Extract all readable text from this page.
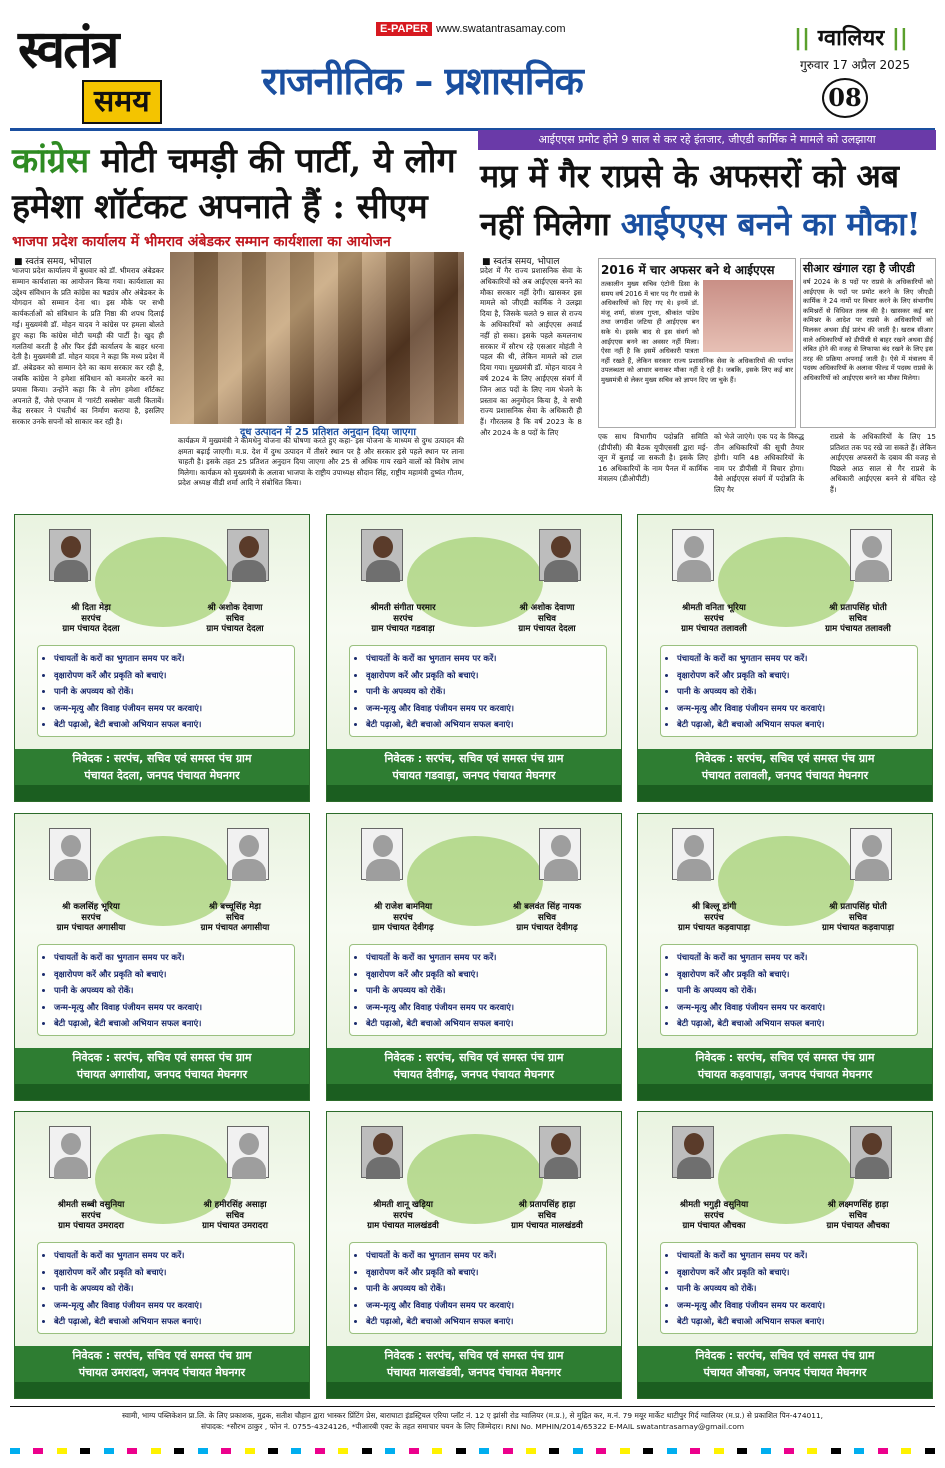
स्वतंत्र
समय
E-PAPER www.swatantrasamay.com
राजनीतिक – प्रशासनिक
|| ग्वालियर ||
गुरुवार 17 अप्रैल 2025
08
कांग्रेस मोटी चमड़ी की पार्टी, ये लोग हमेशा शॉर्टकट अपनाते हैं : सीएम
भाजपा प्रदेश कार्यालय में भीमराव अंबेडकर सम्मान कार्यशाला का आयोजन
■ स्वतंत्र समय, भोपाल
भाजपा प्रदेश कार्यालय में बुधवार को डॉ. भीमराव अंबेडकर सम्मान कार्यशाला का आयोजन किया गया। कार्यशाला का उद्देश्य संविधान के प्रति कांग्रेस का षड्यंत्र और अंबेडकर के योगदान को सम्मान देना था। इस मौके पर सभी कार्यकर्ताओं को संविधान के प्रति निष्ठा की शपथ दिलाई गई। मुख्यमंत्री डॉ. मोहन यादव ने कांग्रेस पर हमला बोलते हुए कहा कि कांग्रेस मोटी चमड़ी की पार्टी है। खुद ही गलतियां करती है और फिर ईडी कार्यालय के बाहर धरना देती है। मुख्यमंत्री डॉ. मोहन यादव ने कहा कि मध्य प्रदेश में डॉ. अंबेडकर को सम्मान देने का काम सरकार कर रही है, जबकि कांग्रेस ने हमेशा संविधान को कमजोर करने का प्रयास किया। उन्होंने कहा कि वे लोग हमेशा शॉर्टकट अपनाते हैं, जैसे एग्जाम में 'गारंटी सक्सेस' वाली किताबें। केंद्र सरकार ने पंचतीर्थ का निर्माण कराया है, इसलिए सरकार उनके सपनों को साकार कर रही है।
दूध उत्पादन में 25 प्रतिशत अनुदान दिया जाएगा
कार्यक्रम में मुख्यमंत्री ने कामधेनु योजना की घोषणा करते हुए कहा- इस योजना के माध्यम से दुग्ध उत्पादन की क्षमता बढ़ाई जाएगी। म.प्र. देश में दुग्ध उत्पादन में तीसरे स्थान पर है और सरकार इसे पहले स्थान पर लाना चाहती है। इसके तहत 25 प्रतिशत अनुदान दिया जाएगा और 25 से अधिक गाय रखने वालों को विशेष लाभ मिलेगा। कार्यक्रम को मुख्यमंत्री के अलावा भाजपा के राष्ट्रीय उपाध्यक्ष सौदान सिंह, राष्ट्रीय महामंत्री दुष्यंत गौतम, प्रदेश अध्यक्ष वीडी शर्मा आदि ने संबोधित किया।
आईएएस प्रमोट होने 9 साल से कर रहे इंतजार, जीएडी कार्मिक ने मामले को उलझाया
मप्र में गैर राप्रसे के अफसरों को अब नहीं मिलेगा आईएएस बनने का मौका!
■ स्वतंत्र समय, भोपाल
प्रदेश में गैर राज्य प्रशासनिक सेवा के अधिकारियों को अब आईएएस बनने का मौका सरकार नहीं देगी। खासकर इस मामले को जीएडी कार्मिक ने उलझा दिया है, जिसके चलते 9 साल से राज्य के अधिकारियों को आईएएस अवार्ड नहीं हो सका। इसके पहले कमलनाथ सरकार में सौरभ रहे एसआर मोहंती ने पहल की थी, लेकिन मामले को टाल दिया गया। मुख्यमंत्री डॉ. मोहन यादव ने वर्ष 2024 के लिए आईएएस संवर्ग में जिन आठ पदों के लिए नाम भेजने के प्रस्ताव का अनुमोदन किया है, वे सभी राज्य प्रशासनिक सेवा के अधिकारी ही हैं। गौरतलब है कि वर्ष 2023 के 8 और 2024 के 8 पदों के लिए
2016 में चार अफसर बने थे आईएएस

तत्कालीन मुख्य सचिव एंटोनी डिसा के समय वर्ष 2016 में चार पद गैर राप्रसे के अधिकारियों को दिए गए थे। इनमें डॉ. मंजू शर्मा, संजय गुप्ता, श्रीकांत पांडेय तथा जगदीश जटिया ही आईएएस बन सके थे। इसके बाद से इस संवर्ग को आईएएस बनने का अवसर नहीं मिला। ऐसा नहीं है कि इसमें अधिकारी पात्रता नहीं रखते हैं, लेकिन सरकार राज्य प्रशासनिक सेवा के अधिकारियों की पर्याप्त उपलब्धता को आधार बनाकर मौका नहीं दे रही है। जबकि, इसके लिए कई बार मुख्यमंत्री से लेकर मुख्य सचिव को ज्ञापन दिए जा चुके हैं।

सीआर खंगाल रहा है जीएडी

वर्ष 2024 के 8 पदों पर राप्रसे के अधिकारियों को आईएएस के पदों पर प्रमोट करने के लिए जीएडी कार्मिक ने 24 नामों पर विचार करने के लिए संभागीय कमिश्नरों से विधिवत तलब की है। खासकर कई बार कमिश्नर के आदेश पर राप्रसे के अधिकारियों को मिलकर अथवा डीई प्रारंभ की जाती है। खराब सीआर वाले अधिकारियों को डीपीसी से बाहर रखने अथवा डीई लंबित होने की वजह से लिफाफा बंद रखने के लिए इस तरह की प्रक्रिया अपनाई जाती है। ऐसे में मंत्रालय में पदस्थ अधिकारियों के अलावा फील्ड में पदस्थ राप्रसे के अधिकारियों को आईएएस बनने का मौका मिलेगा।

एक साथ विभागीय पदोन्नति समिति (डीपीसी) की बैठक यूपीएससी द्वारा मई-जून में बुलाई जा सकती है। इसके लिए 16 अधिकारियों के नाम पैनल में कार्मिक मंत्रालय (डीओपीटी)
को भेजे जाएंगे। एक पद के विरुद्ध तीन अधिकारियों की सूची तैयार होगी। यानि 48 अधिकारियों के नाम पर डीपीसी में विचार होगा। वैसे आईएएस संवर्ग में पदोन्नति के लिए गैर
राप्रसे के अधिकारियों के लिए 15 प्रतिशत तक पद रखे जा सकते हैं। लेकिन आईएएस अफसरों के दबाव की वजह से पिछले आठ साल से गैर राप्रसे के अधिकारी आईएएस बनने से वंचित रहे हैं।
श्री दिता मेड़ा
सरपंच
ग्राम पंचायत देदला
श्री अशोक देवाणा
सचिव
ग्राम पंचायत देदला
• पंचायतों के करों का भुगतान समय पर करें।
• वृक्षारोपण करें और प्रकृति को बचाएं।
• पानी के अपव्यय को रोकें।
• जन्म-मृत्यु और विवाह पंजीयन समय पर करवाएं।
• बेटी पढ़ाओ, बेटी बचाओ अभियान सफल बनाएं।
निवेदक : सरपंच, सचिव एवं समस्त पंच ग्राम
पंचायत देदला, जनपद पंचायत मेघनगर
श्रीमती संगीता परमार
सरपंच
ग्राम पंचायत गडवाड़ा
श्री अशोक देवाणा
सचिव
ग्राम पंचायत देदला
• पंचायतों के करों का भुगतान समय पर करें।
• वृक्षारोपण करें और प्रकृति को बचाएं।
• पानी के अपव्यय को रोकें।
• जन्म-मृत्यु और विवाह पंजीयन समय पर करवाएं।
• बेटी पढ़ाओ, बेटी बचाओ अभियान सफल बनाएं।
निवेदक : सरपंच, सचिव एवं समस्त पंच ग्राम
पंचायत गडवाड़ा, जनपद पंचायत मेघनगर
श्रीमती वनिता भूरिया
सरपंच
ग्राम पंचायत तलावली
श्री प्रतापसिंह घोती
सचिव
ग्राम पंचायत तलावली
• पंचायतों के करों का भुगतान समय पर करें।
• वृक्षारोपण करें और प्रकृति को बचाएं।
• पानी के अपव्यय को रोकें।
• जन्म-मृत्यु और विवाह पंजीयन समय पर करवाएं।
• बेटी पढ़ाओ, बेटी बचाओ अभियान सफल बनाएं।
निवेदक : सरपंच, सचिव एवं समस्त पंच ग्राम
पंचायत तलावली, जनपद पंचायत मेघनगर
श्री कलसिंह भूरिया
सरपंच
ग्राम पंचायत अगासीया
श्री बच्चूसिंह मेड़ा
सचिव
ग्राम पंचायत अगासीया
• पंचायतों के करों का भुगतान समय पर करें।
• वृक्षारोपण करें और प्रकृति को बचाएं।
• पानी के अपव्यय को रोकें।
• जन्म-मृत्यु और विवाह पंजीयन समय पर करवाएं।
• बेटी पढ़ाओ, बेटी बचाओ अभियान सफल बनाएं।
निवेदक : सरपंच, सचिव एवं समस्त पंच ग्राम
पंचायत अगासीया, जनपद पंचायत मेघनगर
श्री राजेश बामनिया
सरपंच
ग्राम पंचायत देवीगढ़
श्री बलवंत सिंह नायक
सचिव
ग्राम पंचायत देवीगढ़
• पंचायतों के करों का भुगतान समय पर करें।
• वृक्षारोपण करें और प्रकृति को बचाएं।
• पानी के अपव्यय को रोकें।
• जन्म-मृत्यु और विवाह पंजीयन समय पर करवाएं।
• बेटी पढ़ाओ, बेटी बचाओ अभियान सफल बनाएं।
निवेदक : सरपंच, सचिव एवं समस्त पंच ग्राम
पंचायत देवीगढ़, जनपद पंचायत मेघनगर
श्री बिल्लू डांगी
सरपंच
ग्राम पंचायत कड़वापाड़ा
श्री प्रतापसिंह घोती
सचिव
ग्राम पंचायत कड़वापाड़ा
• पंचायतों के करों का भुगतान समय पर करें।
• वृक्षारोपण करें और प्रकृति को बचाएं।
• पानी के अपव्यय को रोकें।
• जन्म-मृत्यु और विवाह पंजीयन समय पर करवाएं।
• बेटी पढ़ाओ, बेटी बचाओ अभियान सफल बनाएं।
निवेदक : सरपंच, सचिव एवं समस्त पंच ग्राम
पंचायत कड़वापाड़ा, जनपद पंचायत मेघनगर
श्रीमती सब्बी वसुनिया
सरपंच
ग्राम पंचायत उमरादरा
श्री हमीरसिंह असाड़ा
सचिव
ग्राम पंचायत उमरादरा
• पंचायतों के करों का भुगतान समय पर करें।
• वृक्षारोपण करें और प्रकृति को बचाएं।
• पानी के अपव्यय को रोकें।
• जन्म-मृत्यु और विवाह पंजीयन समय पर करवाएं।
• बेटी पढ़ाओ, बेटी बचाओ अभियान सफल बनाएं।
निवेदक : सरपंच, सचिव एवं समस्त पंच ग्राम
पंचायत उमरादरा, जनपद पंचायत मेघनगर
श्रीमती शानू खड़िया
सरपंच
ग्राम पंचायत मालखंडवी
श्री प्रतापसिंह हाड़ा
सचिव
ग्राम पंचायत मालखंडवी
• पंचायतों के करों का भुगतान समय पर करें।
• वृक्षारोपण करें और प्रकृति को बचाएं।
• पानी के अपव्यय को रोकें।
• जन्म-मृत्यु और विवाह पंजीयन समय पर करवाएं।
• बेटी पढ़ाओ, बेटी बचाओ अभियान सफल बनाएं।
निवेदक : सरपंच, सचिव एवं समस्त पंच ग्राम
पंचायत मालखंडवी, जनपद पंचायत मेघनगर
श्रीमती भगुड़ी वसुनिया
सरपंच
ग्राम पंचायत औचका
श्री लक्ष्मणसिंह हाड़ा
सचिव
ग्राम पंचायत औचका
• पंचायतों के करों का भुगतान समय पर करें।
• वृक्षारोपण करें और प्रकृति को बचाएं।
• पानी के अपव्यय को रोकें।
• जन्म-मृत्यु और विवाह पंजीयन समय पर करवाएं।
• बेटी पढ़ाओ, बेटी बचाओ अभियान सफल बनाएं।
निवेदक : सरपंच, सचिव एवं समस्त पंच ग्राम
पंचायत औचका, जनपद पंचायत मेघनगर
स्वामी, भाग्य पब्लिकेशन प्रा.लि. के लिए प्रकाशक, मुद्रक, सतीश चौहान द्वारा भास्कर प्रिंटिंग प्रेस, बाराघाटा इंडस्ट्रियल एरिया प्लॉट नं. 12 ए झांसी रोड ग्वालियर (म.प्र.), से मुद्रित कर, म.नं. 79 मयूर मार्केट थाटीपुर गिर्द ग्वालियर (म.प्र.) से प्रकाशित पिन-474011,
संपादक: *सौरभ ठाकुर , फोन नं. 0755-4324126, *पीआरबी एक्ट के तहत समाचार चयन के लिए जिम्मेदार। RNI No. MPHIN/2014/65322 E-MAIL swatantrasamay@gmail.com
